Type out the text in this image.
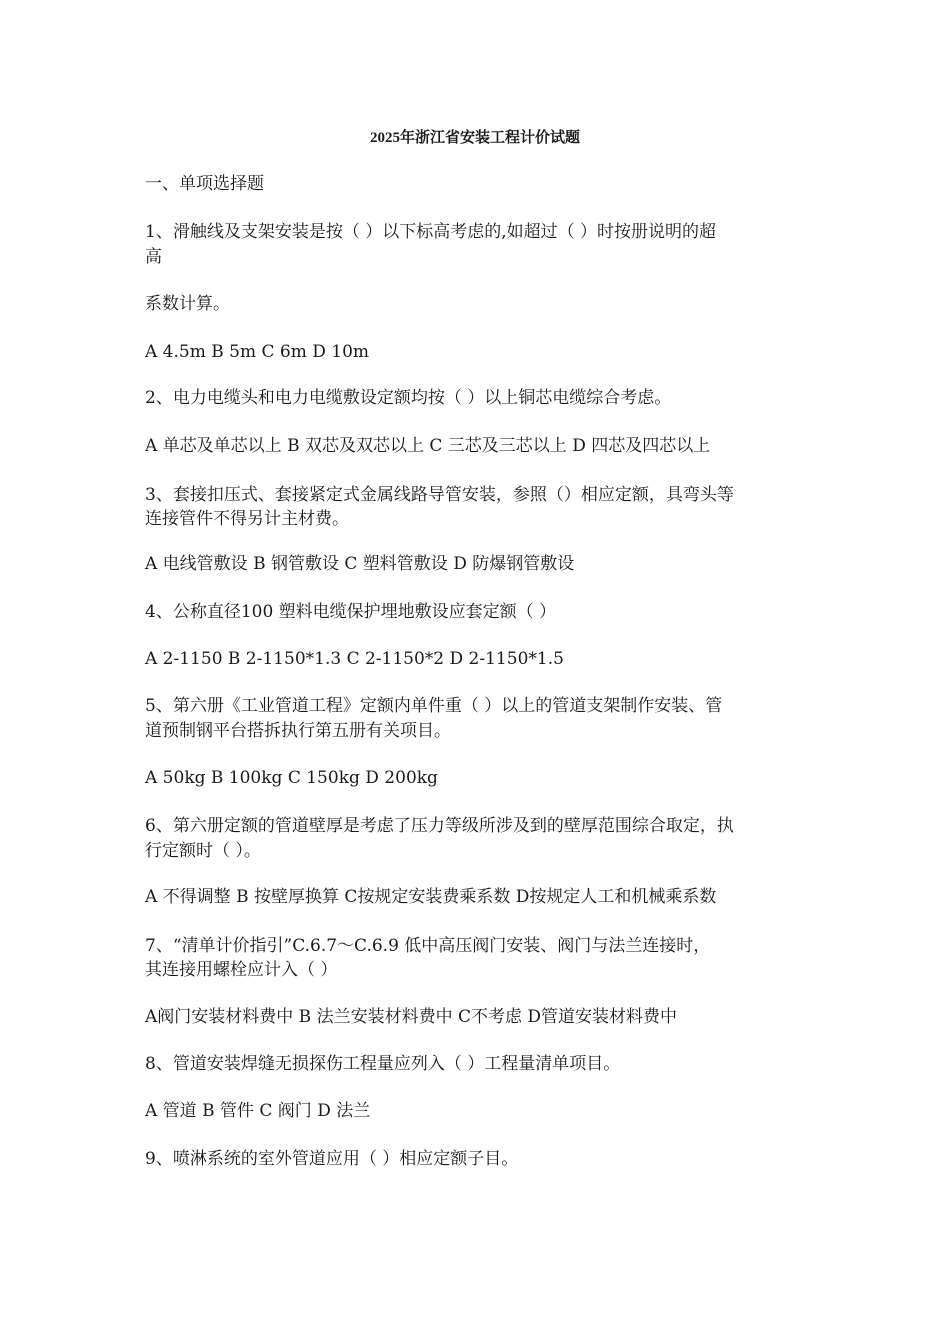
2025年浙江省安装工程计价试题
一、单项选择题
1、滑触线及支架安装是按（ ）以下标高考虑的,如超过（ ）时按册说明的超
高
系数计算。
A 4.5m B 5m C 6m D 10m
2、电力电缆头和电力电缆敷设定额均按（ ）以上铜芯电缆综合考虑。
A 单芯及单芯以上 B 双芯及双芯以上 C 三芯及三芯以上 D 四芯及四芯以上
3、套接扣压式、套接紧定式金属线路导管安装，参照（）相应定额，具弯头等
连接管件不得另计主材费。
A 电线管敷设 B 钢管敷设 C 塑料管敷设 D 防爆钢管敷设
4、公称直径100 塑料电缆保护埋地敷设应套定额（ ）
A 2-1150 B 2-1150*1.3 C 2-1150*2 D 2-1150*1.5
5、第六册《工业管道工程》定额内单件重（ ）以上的管道支架制作安装、管
道预制钢平台搭拆执行第五册有关项目。
A 50kg B 100kg C 150kg D 200kg
6、第六册定额的管道壁厚是考虑了压力等级所涉及到的壁厚范围综合取定，执
行定额时（ ）。
A 不得调整 B 按壁厚换算 C按规定安装费乘系数 D按规定人工和机械乘系数
7、“清单计价指引”C.6.7～C.6.9 低中高压阀门安装、阀门与法兰连接时，
其连接用螺栓应计入（ ）
A阀门安装材料费中 B 法兰安装材料费中 C不考虑 D管道安装材料费中
8、管道安装焊缝无损探伤工程量应列入（ ）工程量清单项目。
A 管道 B 管件 C 阀门 D 法兰
9、喷淋系统的室外管道应用（ ）相应定额子目。
